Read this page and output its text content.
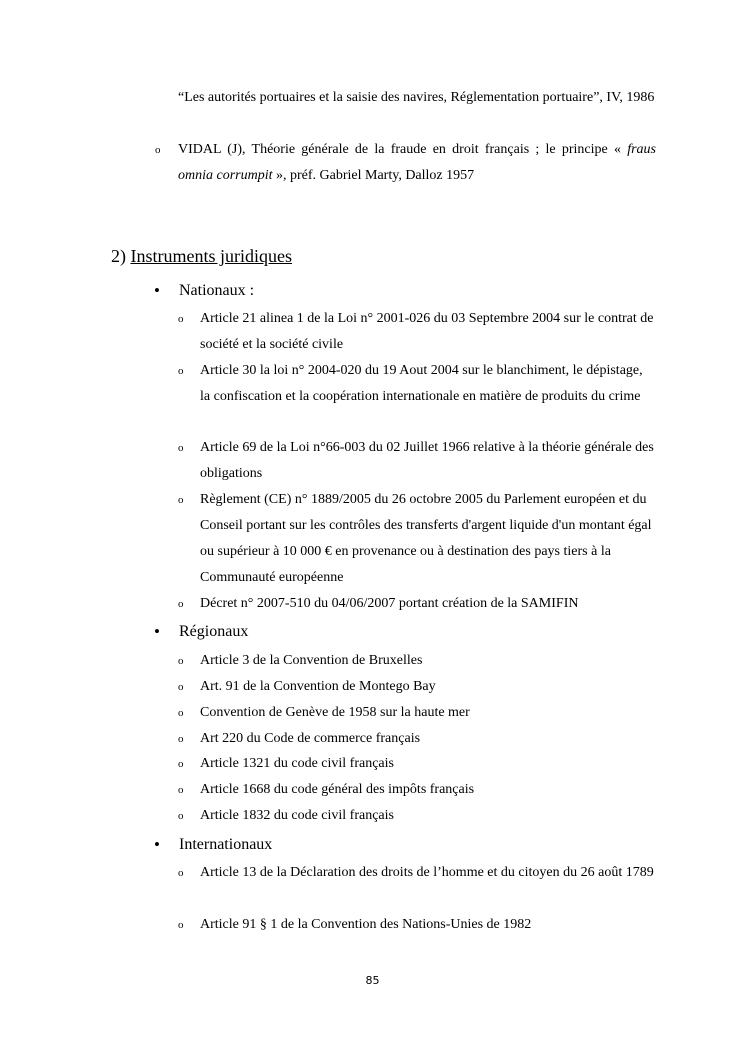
“Les autorités portuaires et la saisie des navires, Réglementation portuaire”, IV, 1986
o VIDAL (J), Théorie générale de la fraude en droit français ; le principe « fraus omnia corrumpit », préf. Gabriel Marty, Dalloz 1957
2) Instruments juridiques
• Nationaux :
o Article 21 alinea 1 de la Loi n° 2001-026 du 03 Septembre 2004 sur le contrat de société et la société civile
o Article 30 la loi n° 2004-020 du 19 Aout 2004 sur le blanchiment, le dépistage, la confiscation et la coopération internationale en matière de produits du crime
o Article 69 de la Loi n°66-003 du 02 Juillet 1966 relative à la théorie générale des obligations
o Règlement (CE) n° 1889/2005 du 26 octobre 2005 du Parlement européen et du Conseil portant sur les contrôles des transferts d'argent liquide d'un montant égal ou supérieur à 10 000 € en provenance ou à destination des pays tiers à la Communauté européenne
o Décret n° 2007-510 du 04/06/2007 portant création de la SAMIFIN
• Régionaux
o Article 3 de la Convention de Bruxelles
o Art. 91 de la Convention de Montego Bay
o Convention de Genève de 1958 sur la haute mer
o Art 220 du Code de commerce français
o Article 1321 du code civil français
o Article 1668 du code général des impôts français
o Article 1832 du code civil français
• Internationaux
o Article 13 de la Déclaration des droits de l’homme et du citoyen du 26 août 1789
o Article 91 § 1 de la Convention des Nations-Unies de 1982
85
